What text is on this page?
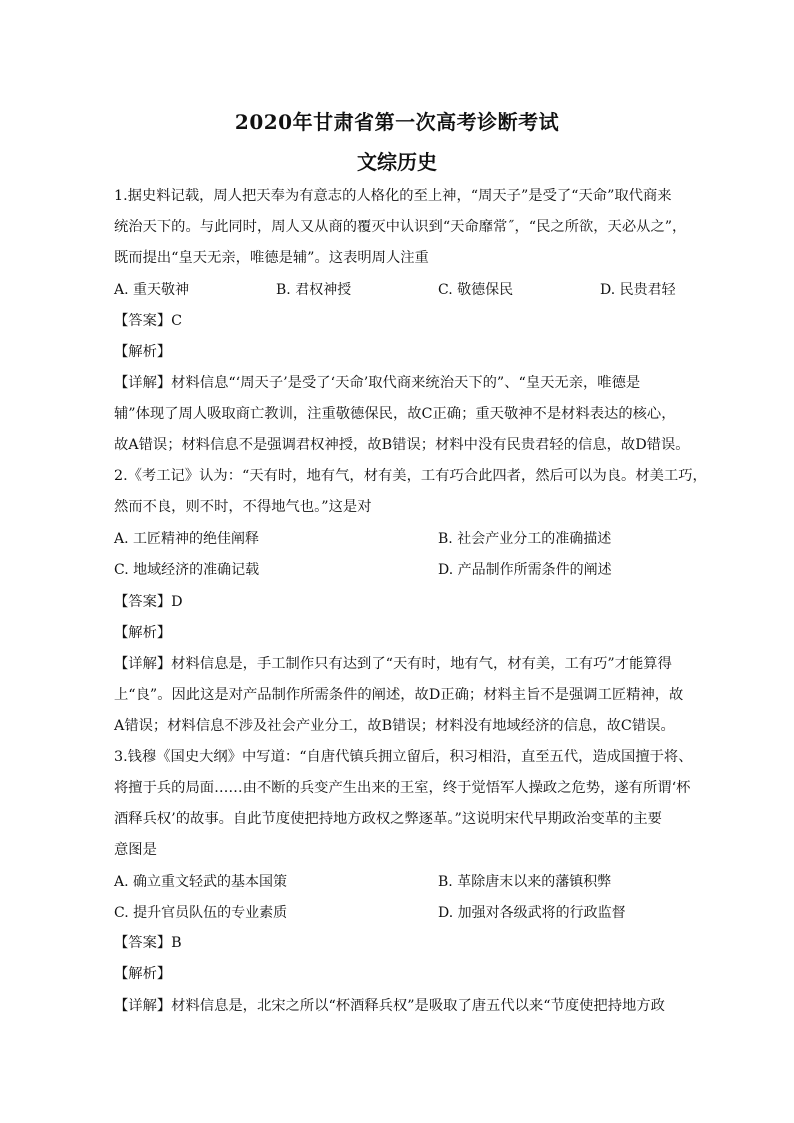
2020年甘肃省第一次高考诊断考试
文综历史
1.据史料记载，周人把天奉为有意志的人格化的至上神，“周天子”是受了“天命”取代商来
统治天下的。与此同时，周人又从商的覆灭中认识到“天命靡常˝，“民之所欲，天必从之”，
既而提出“皇天无亲，唯德是辅”。这表明周人注重
A. 重天敬神	B. 君权神授	C. 敬德保民	D. 民贵君轻
【答案】C
【解析】
【详解】材料信息“‘周天子’是受了‘天命’取代商来统治天下的”、“皇天无亲，唯德是
辅”体现了周人吸取商亡教训，注重敬德保民，故C正确；重天敬神不是材料表达的核心，
故A错误；材料信息不是强调君权神授，故B错误；材料中没有民贵君轻的信息，故D错误。
2.《考工记》认为：“天有时，地有气，材有美，工有巧合此四者，然后可以为良。材美工巧，
然而不良，则不时，不得地气也。”这是对
A. 工匠精神的绝佳阐释	B. 社会产业分工的准确描述
C. 地域经济的准确记载	D. 产品制作所需条件的阐述
【答案】D
【解析】
【详解】材料信息是，手工制作只有达到了“天有时，地有气，材有美，工有巧”才能算得
上“良”。因此这是对产品制作所需条件的阐述，故D正确；材料主旨不是强调工匠精神，故
A错误；材料信息不涉及社会产业分工，故B错误；材料没有地域经济的信息，故C错误。
3.钱穆《国史大纲》中写道：“自唐代镇兵拥立留后，积习相沿，直至五代，造成国擅于将、
将擅于兵的局面……由不断的兵变产生出来的王室，终于觉悟军人操政之危势，遂有所谓‘杯
酒释兵权’的故事。自此节度使把持地方政权之弊逐革。”这说明宋代早期政治变革的主要
意图是
A. 确立重文轻武的基本国策	B. 革除唐末以来的藩镇积弊
C. 提升官员队伍的专业素质	D. 加强对各级武将的行政监督
【答案】B
【解析】
【详解】材料信息是，北宋之所以“杯酒释兵权”是吸取了唐五代以来“节度使把持地方政
